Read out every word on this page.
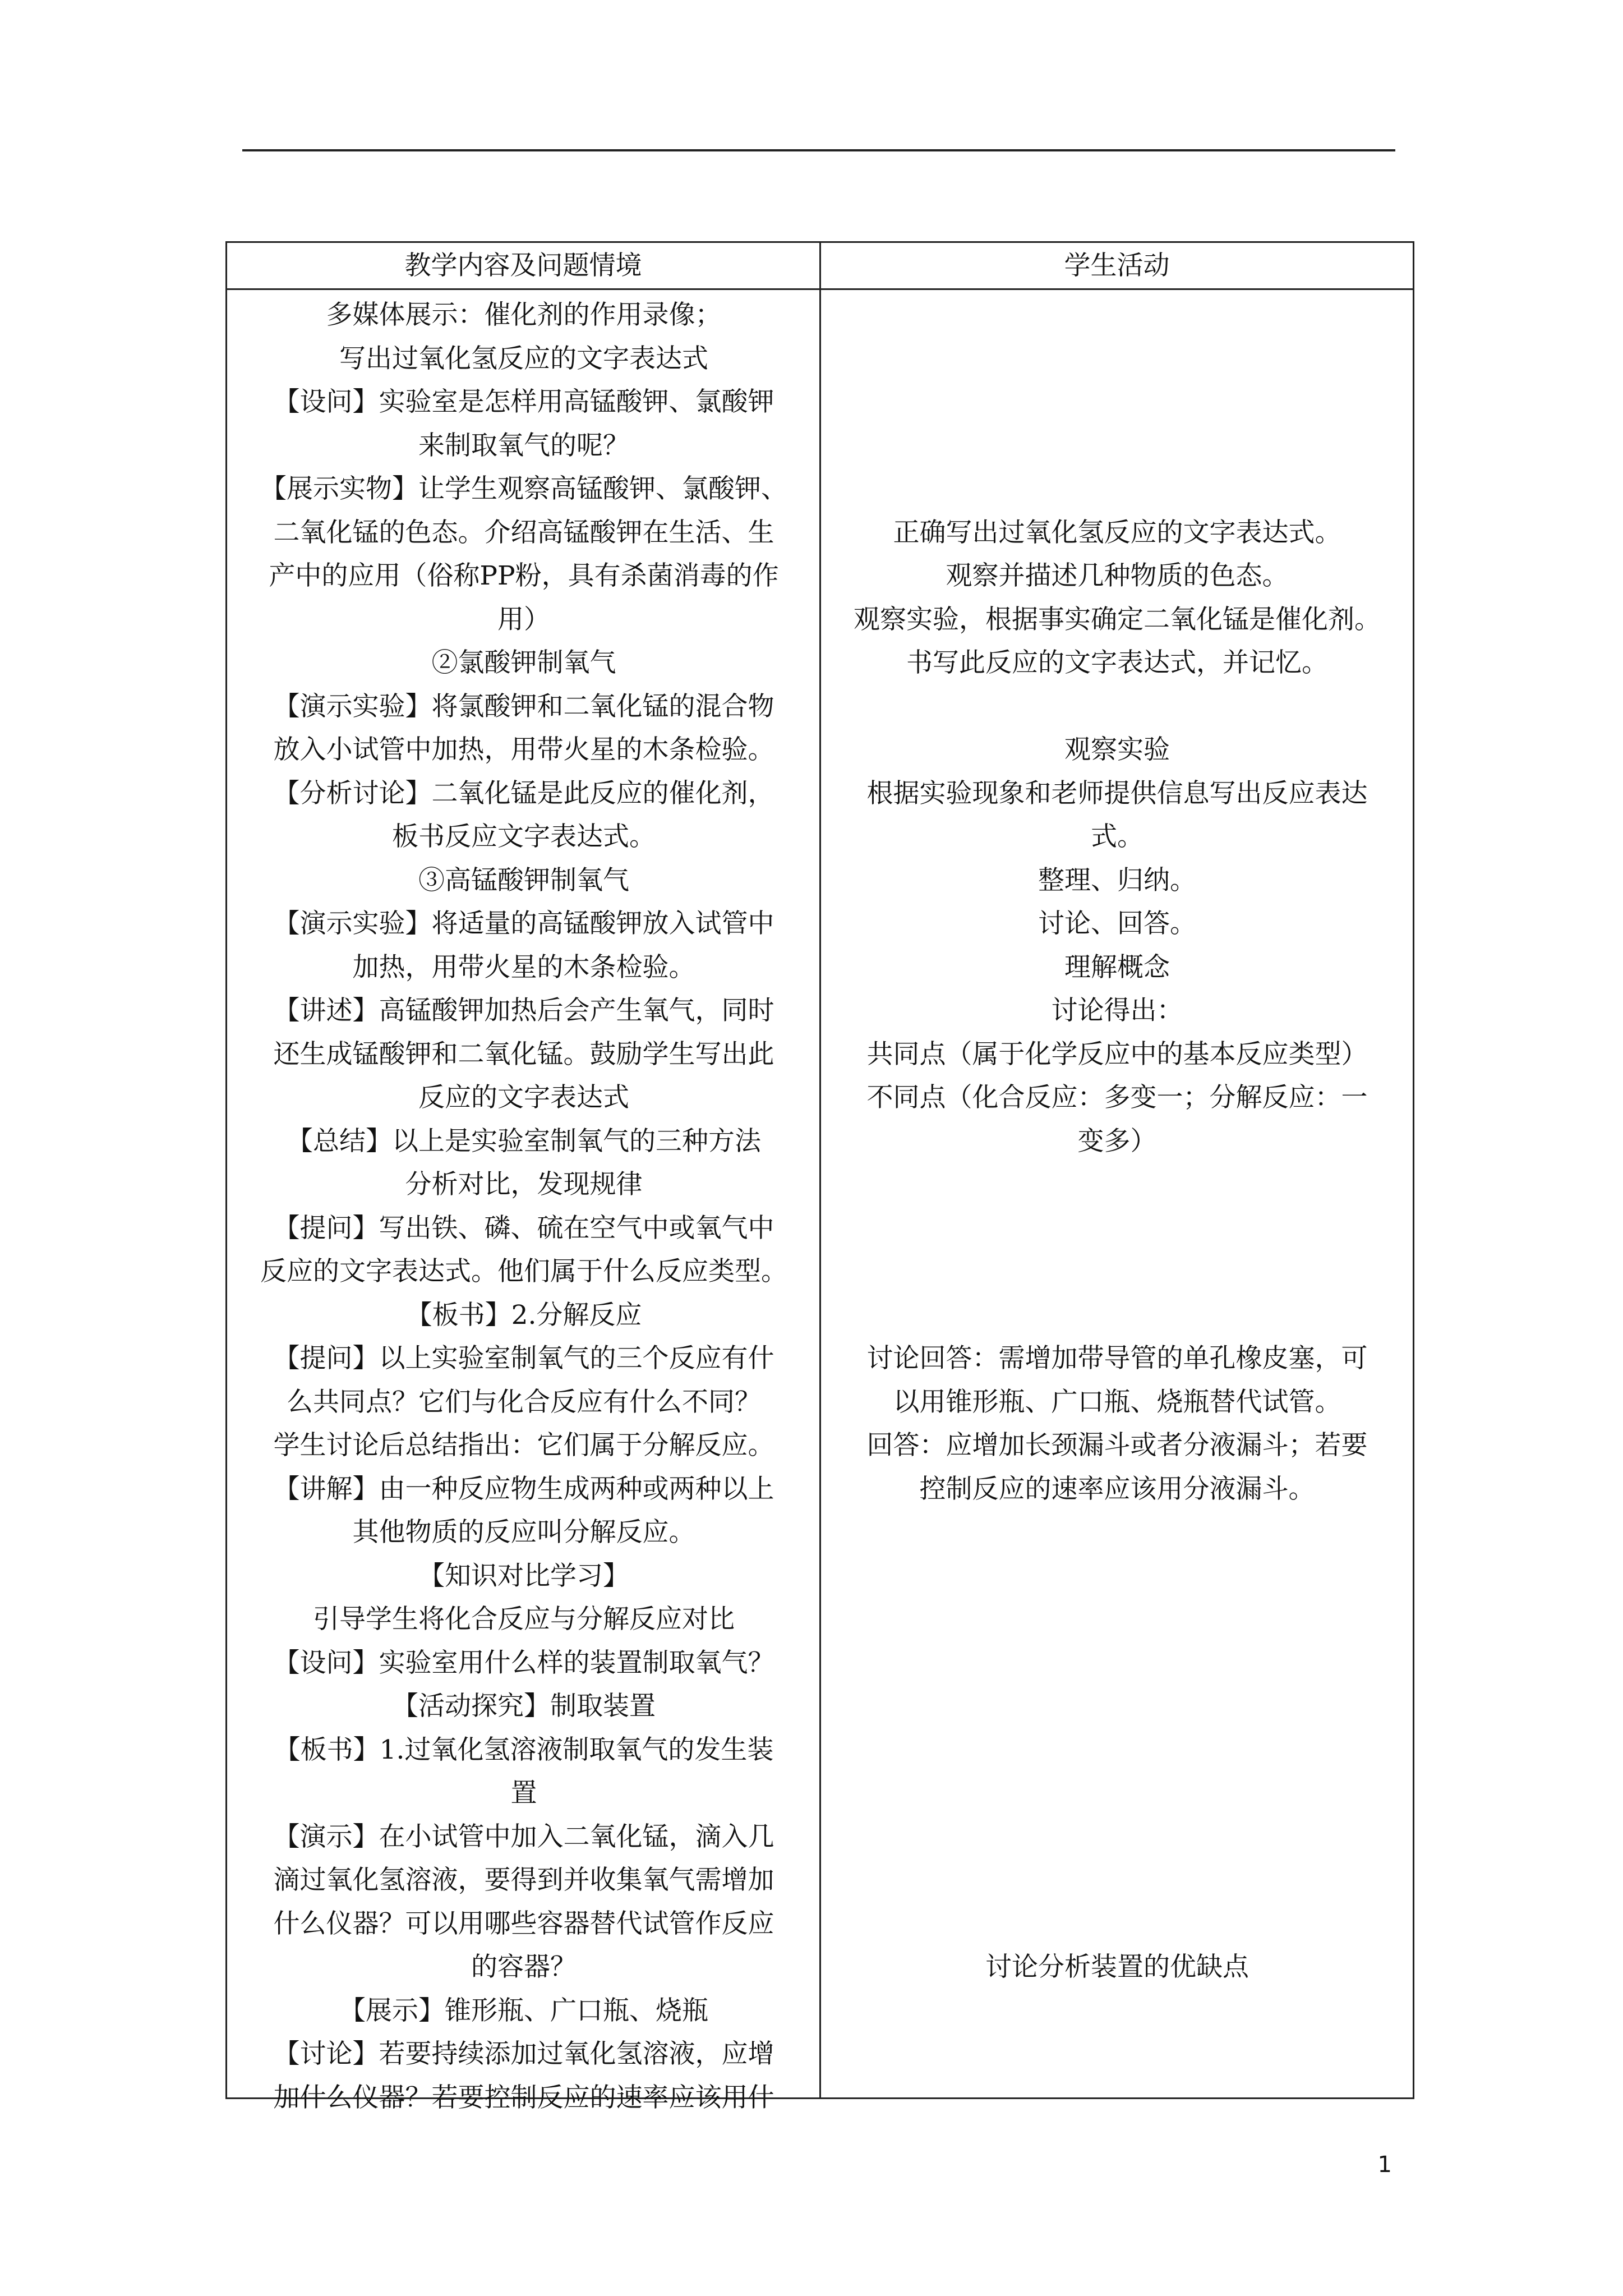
教学内容及问题情境	学生活动
多媒体展示：催化剂的作用录像；
写出过氧化氢反应的文字表达式
【设问】实验室是怎样用高锰酸钾、氯酸钾
来制取氧气的呢？
【展示实物】让学生观察高锰酸钾、氯酸钾、
二氧化锰的色态。介绍高锰酸钾在生活、生
产中的应用（俗称PP粉，具有杀菌消毒的作
用）
②氯酸钾制氧气
【演示实验】将氯酸钾和二氧化锰的混合物
放入小试管中加热，用带火星的木条检验。
【分析讨论】二氧化锰是此反应的催化剂，
板书反应文字表达式。
③高锰酸钾制氧气
【演示实验】将适量的高锰酸钾放入试管中
加热，用带火星的木条检验。
【讲述】高锰酸钾加热后会产生氧气，同时
还生成锰酸钾和二氧化锰。鼓励学生写出此
反应的文字表达式
【总结】以上是实验室制氧气的三种方法
分析对比，发现规律
【提问】写出铁、磷、硫在空气中或氧气中
反应的文字表达式。他们属于什么反应类型。
【板书】2.分解反应
【提问】以上实验室制氧气的三个反应有什
么共同点？它们与化合反应有什么不同？
学生讨论后总结指出：它们属于分解反应。
【讲解】由一种反应物生成两种或两种以上
其他物质的反应叫分解反应。
【知识对比学习】
引导学生将化合反应与分解反应对比
【设问】实验室用什么样的装置制取氧气？
【活动探究】制取装置
【板书】1.过氧化氢溶液制取氧气的发生装
置
【演示】在小试管中加入二氧化锰，滴入几
滴过氧化氢溶液，要得到并收集氧气需增加
什么仪器？可以用哪些容器替代试管作反应
的容器？
【展示】锥形瓶、广口瓶、烧瓶
【讨论】若要持续添加过氧化氢溶液，应增
加什么仪器？若要控制反应的速率应该用什
正确写出过氧化氢反应的文字表达式。
观察并描述几种物质的色态。
观察实验，根据事实确定二氧化锰是催化剂。
书写此反应的文字表达式，并记忆。
观察实验
根据实验现象和老师提供信息写出反应表达
式。
整理、归纳。
讨论、回答。
理解概念
讨论得出：
共同点（属于化学反应中的基本反应类型）
不同点（化合反应：多变一；分解反应：一
变多）
讨论回答：需增加带导管的单孔橡皮塞，可
以用锥形瓶、广口瓶、烧瓶替代试管。
回答：应增加长颈漏斗或者分液漏斗；若要
控制反应的速率应该用分液漏斗。
讨论分析装置的优缺点
1
